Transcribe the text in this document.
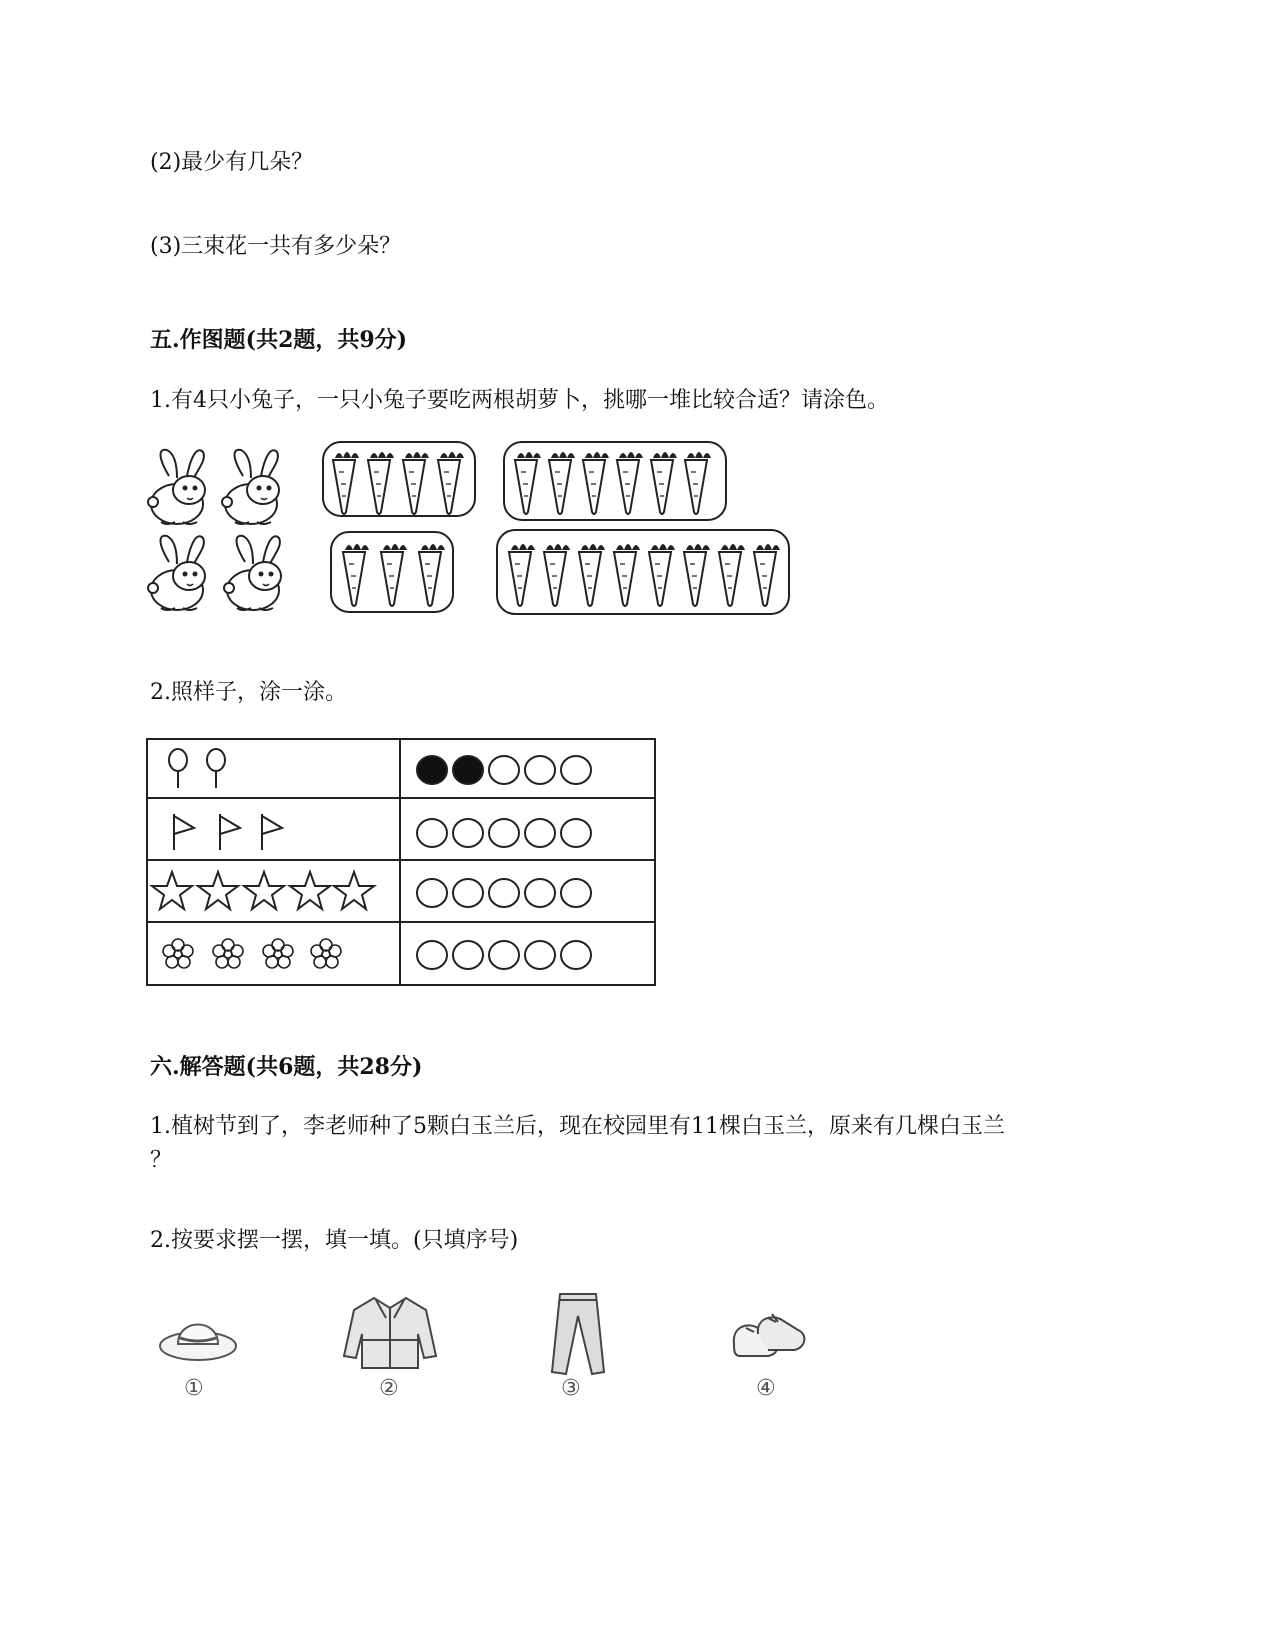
(2)最少有几朵？
(3)三束花一共有多少朵？
五.作图题(共2题，共9分)
1.有4只小兔子，一只小兔子要吃两根胡萝卜，挑哪一堆比较合适？请涂色。
2.照样子，涂一涂。
六.解答题(共6题，共28分)
1.植树节到了，李老师种了5颗白玉兰后，现在校园里有11棵白玉兰，原来有几棵白玉兰
？
2.按要求摆一摆，填一填。(只填序号)
①	②	③	④
